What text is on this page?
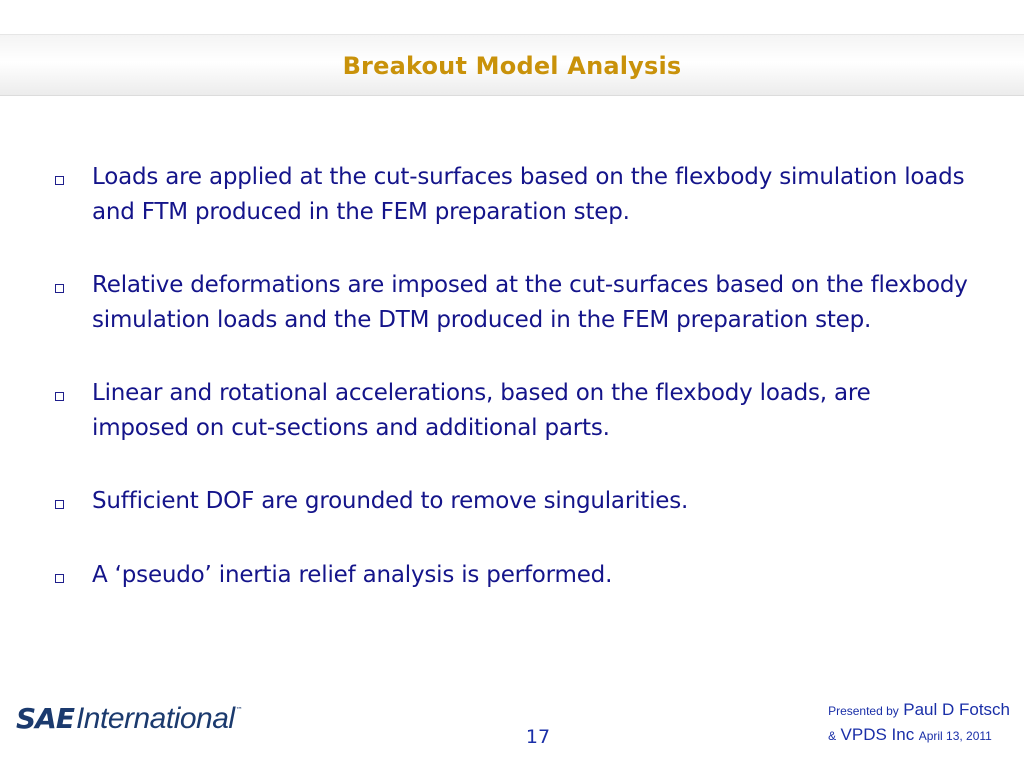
Breakout Model Analysis
Loads are applied at the cut-surfaces based on the flexbody simulation loads and FTM produced in the FEM preparation step.
Relative deformations are imposed at the cut-surfaces based on the flexbody simulation loads and the DTM produced in the FEM preparation step.
Linear and rotational accelerations, based on the flexbody loads, are imposed on cut-sections and additional parts.
Sufficient DOF are grounded to remove singularities.
A ‘pseudo’ inertia relief analysis is performed.
SAE International ™
17
Presented by Paul D Fotsch
& VPDS Inc April 13, 2011
